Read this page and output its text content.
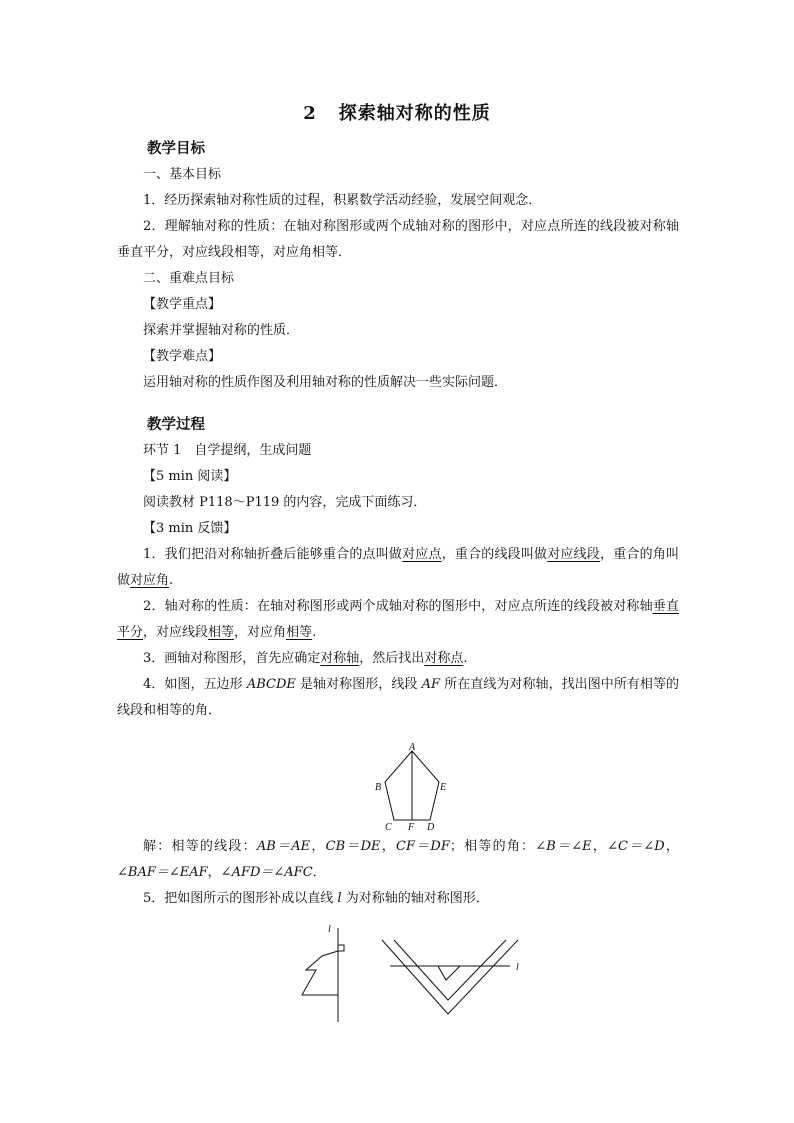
2 探索轴对称的性质
教学目标
一、基本目标
1．经历探索轴对称性质的过程，积累数学活动经验，发展空间观念．
2．理解轴对称的性质：在轴对称图形或两个成轴对称的图形中，对应点所连的线段被对称轴垂直平分，对应线段相等，对应角相等．
二、重难点目标
【教学重点】
探索并掌握轴对称的性质．
【教学难点】
运用轴对称的性质作图及利用轴对称的性质解决一些实际问题．
教学过程
环节 1　自学提纲，生成问题
【5 min 阅读】
阅读教材 P118～P119 的内容，完成下面练习．
【3 min 反馈】
1．我们把沿对称轴折叠后能够重合的点叫做对应点，重合的线段叫做对应线段，重合的角叫做对应角.
2．轴对称的性质：在轴对称图形或两个成轴对称的图形中，对应点所连的线段被对称轴垂直平分，对应线段相等，对应角相等.
3．画轴对称图形，首先应确定对称轴，然后找出对称点.
4．如图，五边形 ABCDE 是轴对称图形，线段 AF 所在直线为对称轴，找出图中所有相等的线段和相等的角．
A
B	E
C F D
解：相等的线段：AB＝AE，CB＝DE，CF＝DF；相等的角：∠B＝∠E，∠C＝∠D，∠BAF＝∠EAF，∠AFD＝∠AFC．
5．把如图所示的图形补成以直线 l 为对称轴的轴对称图形．
l
l
